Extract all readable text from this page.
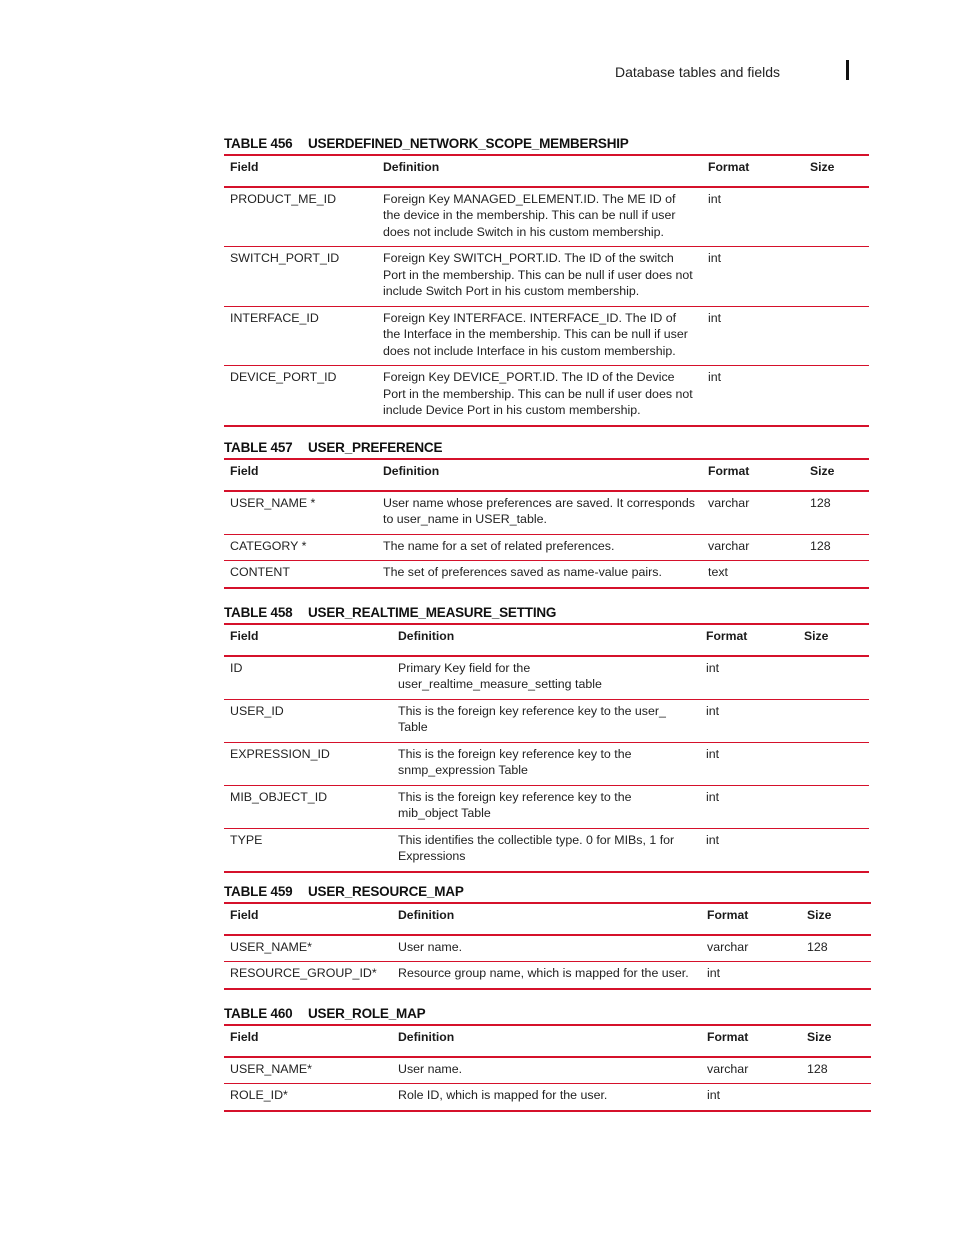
Database tables and fields
TABLE 456 USERDEFINED_NETWORK_SCOPE_MEMBERSHIP
Field	Definition	Format	Size
PRODUCT_ME_ID	Foreign Key MANAGED_ELEMENT.ID. The ME ID of the device in the membership. This can be null if user does not include Switch in his custom membership.	int	
SWITCH_PORT_ID	Foreign Key SWITCH_PORT.ID. The ID of the switch Port in the membership. This can be null if user does not include Switch Port in his custom membership.	int	
INTERFACE_ID	Foreign Key INTERFACE. INTERFACE_ID. The ID of the Interface in the membership. This can be null if user does not include Interface in his custom membership.	int	
DEVICE_PORT_ID	Foreign Key DEVICE_PORT.ID. The ID of the Device Port in the membership. This can be null if user does not include Device Port in his custom membership.	int	
TABLE 457 USER_PREFERENCE
Field	Definition	Format	Size
USER_NAME *	User name whose preferences are saved. It corresponds to user_name in USER_table.	varchar	128
CATEGORY *	The name for a set of related preferences.	varchar	128
CONTENT	The set of preferences saved as name-value pairs.	text	
TABLE 458 USER_REALTIME_MEASURE_SETTING
Field	Definition	Format	Size
ID	Primary Key field for the user_realtime_measure_setting table	int	
USER_ID	This is the foreign key reference key to the user_ Table	int	
EXPRESSION_ID	This is the foreign key reference key to the snmp_expression Table	int	
MIB_OBJECT_ID	This is the foreign key reference key to the mib_object Table	int	
TYPE	This identifies the collectible type. 0 for MIBs, 1 for Expressions	int	
TABLE 459 USER_RESOURCE_MAP
Field	Definition	Format	Size
USER_NAME*	User name.	varchar	128
RESOURCE_GROUP_ID*	Resource group name, which is mapped for the user.	int	
TABLE 460 USER_ROLE_MAP
Field	Definition	Format	Size
USER_NAME*	User name.	varchar	128
ROLE_ID*	Role ID, which is mapped for the user.	int	
